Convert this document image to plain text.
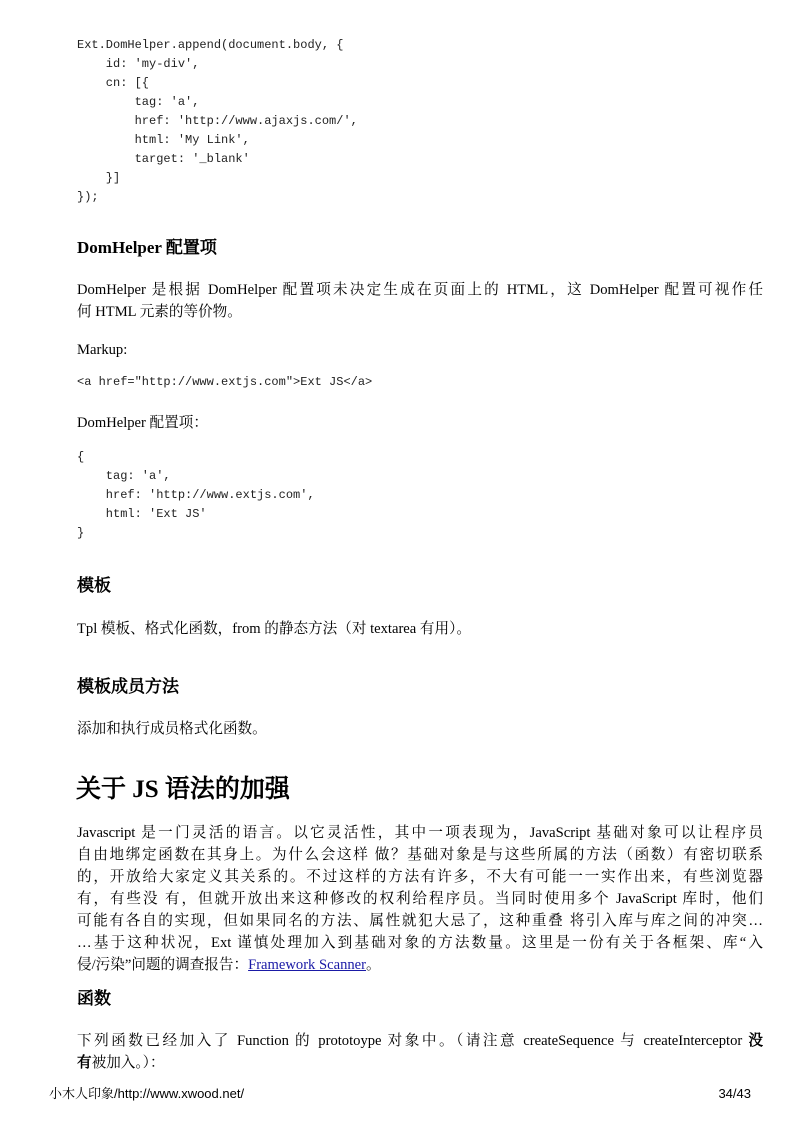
Ext.DomHelper.append(document.body, {
id: 'my-div',
cn: [{
tag: 'a',
href: 'http://www.ajaxjs.com/',
html: 'My Link',
target: '_blank'
}]
});
DomHelper 配置项
DomHelper 是根据 DomHelper 配置项未决定生成在页面上的 HTML，这 DomHelper 配置可视作任
何 HTML 元素的等价物。
Markup:
<a href="http://www.extjs.com">Ext JS</a>
DomHelper 配置项：
{
tag: 'a',
href: 'http://www.extjs.com',
html: 'Ext JS'
}
模板
Tpl 模板、格式化函数，from 的静态方法（对 textarea 有用）。
模板成员方法
添加和执行成员格式化函数。
关于 JS 语法的加强
Javascript 是一门灵活的语言。以它灵活性，其中一项表现为，JavaScript 基础对象可以让程序员
自由地绑定函数在其身上。为什么会这样 做？基础对象是与这些所属的方法（函数）有密切联系
的，开放给大家定义其关系的。不过这样的方法有许多，不大有可能一一实作出来，有些浏览器
有，有些没 有，但就开放出来这种修改的权利给程序员。当同时使用多个 JavaScript 库时，他们
可能有各自的实现，但如果同名的方法、属性就犯大忌了，这种重叠 将引入库与库之间的冲突…
…基于这种状况，Ext 谨慎处理加入到基础对象的方法数量。这里是一份有关于各框架、库“入
侵/污染”问题的调查报告：Framework Scanner。
函数
下列函数已经加入了 Function 的 prototoype 对象中。（请注意 createSequence 与 createInterceptor 没
有被加入。）：
小木人印象/http://www.xwood.net/	34/43
